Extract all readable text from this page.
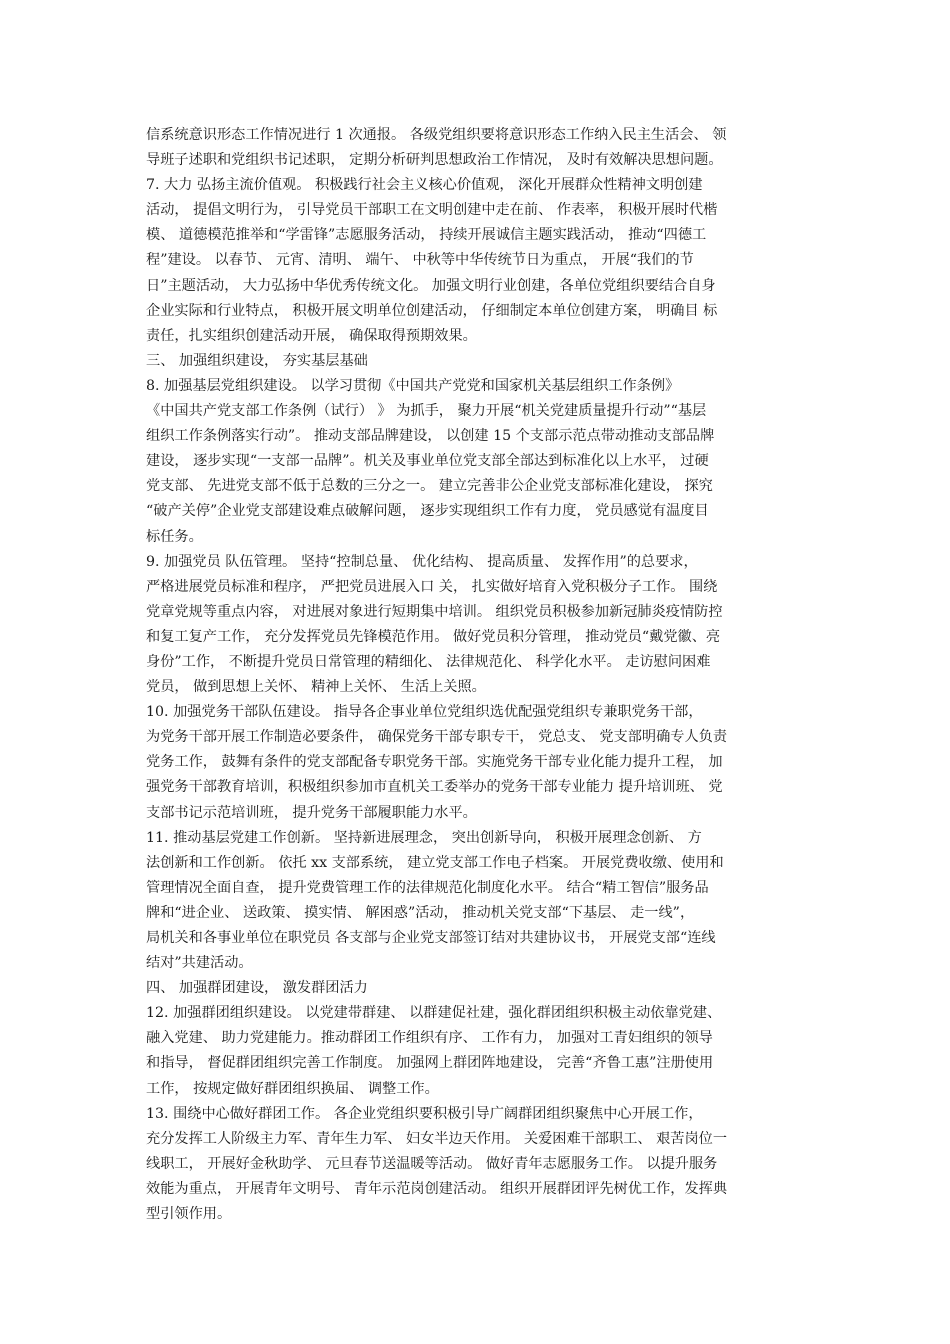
信系统意识形态工作情况进行 1 次通报。 各级党组织要将意识形态工作纳入民主生活会、 领
导班子述职和党组织书记述职， 定期分析研判思想政治工作情况， 及时有效解决思想问题。
7. 大力 弘扬主流价值观。 积极践行社会主义核心价值观， 深化开展群众性精神文明创建
活动， 提倡文明行为， 引导党员干部职工在文明创建中走在前、 作表率， 积极开展时代楷
模、 道德模范推举和“学雷锋”志愿服务活动， 持续开展诚信主题实践活动， 推动“四德工
程”建设。 以春节、 元宵、清明、 端午、 中秋等中华传统节日为重点， 开展“我们的节
日”主题活动， 大力弘扬中华优秀传统文化。 加强文明行业创建，各单位党组织要结合自身
企业实际和行业特点， 积极开展文明单位创建活动， 仔细制定本单位创建方案， 明确目 标
责任，扎实组织创建活动开展， 确保取得预期效果。
三、 加强组织建设， 夯实基层基础
8. 加强基层党组织建设。 以学习贯彻《中国共产党党和国家机关基层组织工作条例》
《中国共产党支部工作条例（试行） 》 为抓手， 聚力开展“机关党建质量提升行动”“基层
组织工作条例落实行动”。 推动支部品牌建设， 以创建 15 个支部示范点带动推动支部品牌
建设， 逐步实现“一支部一品牌”。机关及事业单位党支部全部达到标准化以上水平， 过硬
党支部、 先进党支部不低于总数的三分之一。 建立完善非公企业党支部标准化建设， 探究
“破产关停”企业党支部建设难点破解问题， 逐步实现组织工作有力度， 党员感觉有温度目
标任务。
9. 加强党员 队伍管理。 坚持“控制总量、 优化结构、 提高质量、 发挥作用”的总要求，
严格进展党员标准和程序， 严把党员进展入口 关， 扎实做好培育入党积极分子工作。 围绕
党章党规等重点内容， 对进展对象进行短期集中培训。 组织党员积极参加新冠肺炎疫情防控
和复工复产工作， 充分发挥党员先锋模范作用。 做好党员积分管理， 推动党员“戴党徽、亮
身份”工作， 不断提升党员日常管理的精细化、 法律规范化、 科学化水平。 走访慰问困难
党员， 做到思想上关怀、 精神上关怀、 生活上关照。
10. 加强党务干部队伍建设。 指导各企事业单位党组织选优配强党组织专兼职党务干部，
为党务干部开展工作制造必要条件， 确保党务干部专职专干， 党总支、 党支部明确专人负责
党务工作， 鼓舞有条件的党支部配备专职党务干部。实施党务干部专业化能力提升工程， 加
强党务干部教育培训，积极组织参加市直机关工委举办的党务干部专业能力 提升培训班、 党
支部书记示范培训班， 提升党务干部履职能力水平。
11. 推动基层党建工作创新。 坚持新进展理念， 突出创新导向， 积极开展理念创新、 方
法创新和工作创新。 依托 xx 支部系统， 建立党支部工作电子档案。 开展党费收缴、使用和
管理情况全面自查， 提升党费管理工作的法律规范化制度化水平。 结合“精工智信”服务品
牌和“进企业、 送政策、 摸实情、 解困惑”活动， 推动机关党支部“下基层、 走一线”，
局机关和各事业单位在职党员 各支部与企业党支部签订结对共建协议书， 开展党支部“连线
结对”共建活动。
四、 加强群团建设， 激发群团活力
12. 加强群团组织建设。 以党建带群建、 以群建促社建，强化群团组织积极主动依靠党建、
融入党建、 助力党建能力。推动群团工作组织有序、 工作有力， 加强对工青妇组织的领导
和指导， 督促群团组织完善工作制度。 加强网上群团阵地建设， 完善“齐鲁工惠”注册使用
工作， 按规定做好群团组织换届、 调整工作。
13. 围绕中心做好群团工作。 各企业党组织要积极引导广阔群团组织聚焦中心开展工作，
充分发挥工人阶级主力军、青年生力军、 妇女半边天作用。 关爱困难干部职工、 艰苦岗位一
线职工， 开展好金秋助学、 元旦春节送温暖等活动。 做好青年志愿服务工作。 以提升服务
效能为重点， 开展青年文明号、 青年示范岗创建活动。 组织开展群团评先树优工作，发挥典
型引领作用。
